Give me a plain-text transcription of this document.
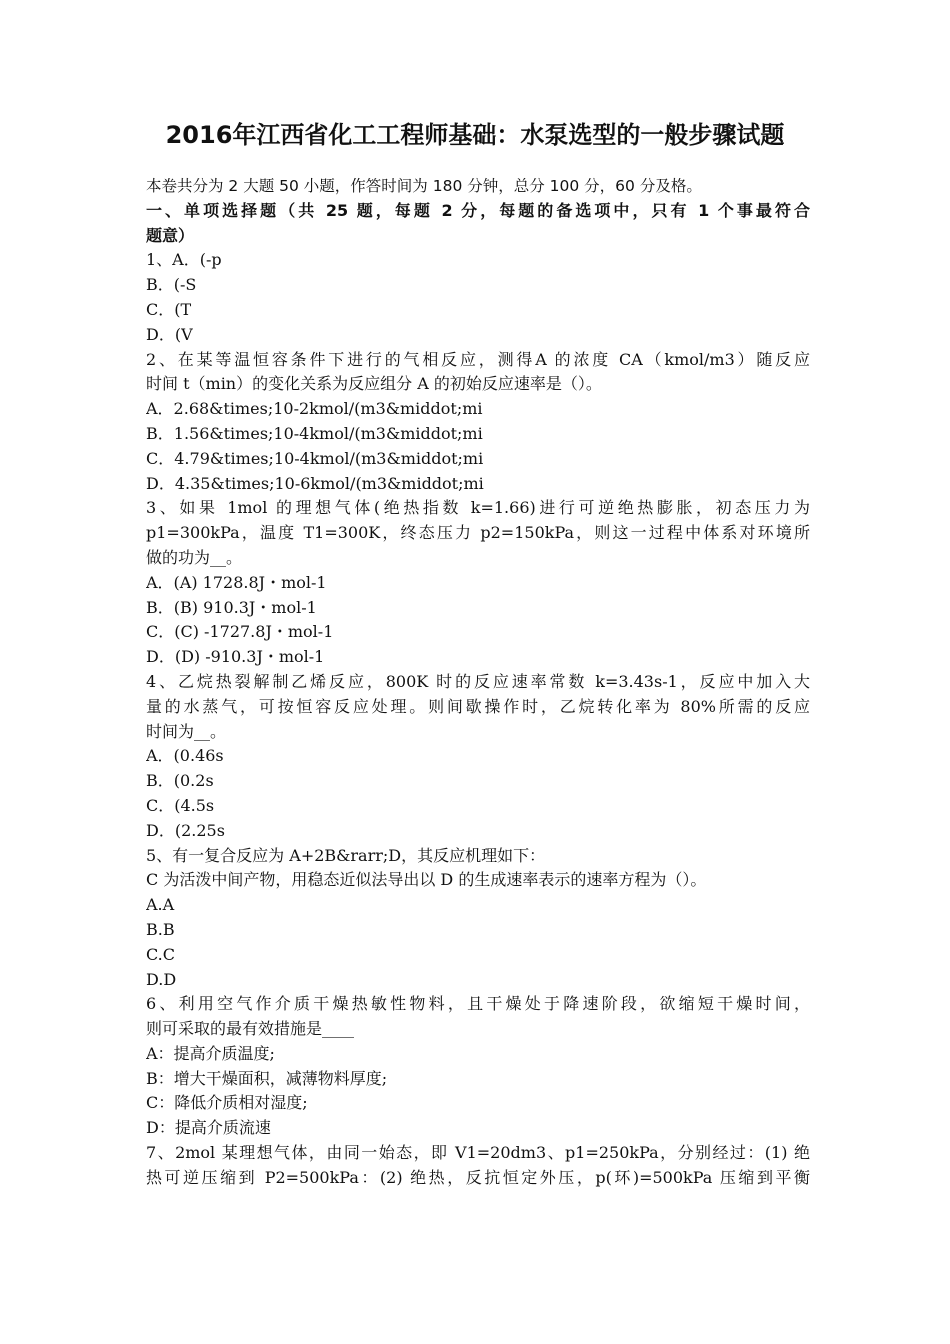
2016年江西省化工工程师基础：水泵选型的一般步骤试题
本卷共分为 2 大题 50 小题，作答时间为 180 分钟，总分 100 分，60 分及格。
一、单项选择题（共 25 题，每题 2 分，每题的备选项中，只有 1 个事最符合
题意）
1、A．(-p
B．(-S
C．(T
D．(V
2、在某等温恒容条件下进行的气相反应，测得A 的浓度 CA（kmol/m3）随反应
时间 t（min）的变化关系为反应组分 A 的初始反应速率是（）。
A．2.68&times;10-2kmol/(m3&middot;mi
B．1.56&times;10-4kmol/(m3&middot;mi
C．4.79&times;10-4kmol/(m3&middot;mi
D．4.35&times;10-6kmol/(m3&middot;mi
3、如果 1mol 的理想气体(绝热指数 k=1.66)进行可逆绝热膨胀，初态压力为
p1=300kPa，温度 T1=300K，终态压力 p2=150kPa，则这一过程中体系对环境所
做的功为__。
A．(A) 1728.8J・mol-1
B．(B) 910.3J・mol-1
C．(C) -1727.8J・mol-1
D．(D) -910.3J・mol-1
4、乙烷热裂解制乙烯反应，800K 时的反应速率常数 k=3.43s-1，反应中加入大
量的水蒸气，可按恒容反应处理。则间歇操作时，乙烷转化率为 80%所需的反应
时间为__。
A．(0.46s
B．(0.2s
C．(4.5s
D．(2.25s
5、有一复合反应为 A+2B&rarr;D，其反应机理如下：
C 为活泼中间产物，用稳态近似法导出以 D 的生成速率表示的速率方程为（）。
A.A
B.B
C.C
D.D
6、利用空气作介质干燥热敏性物料，且干燥处于降速阶段，欲缩短干燥时间，
则可采取的最有效措施是____
A：提高介质温度;
B：增大干燥面积，减薄物料厚度;
C：降低介质相对湿度;
D：提高介质流速
7、2mol 某理想气体，由同一始态，即 V1=20dm3、p1=250kPa，分别经过：(1) 绝
热可逆压缩到 P2=500kPa：(2) 绝热，反抗恒定外压，p(环)=500kPa 压缩到平衡
